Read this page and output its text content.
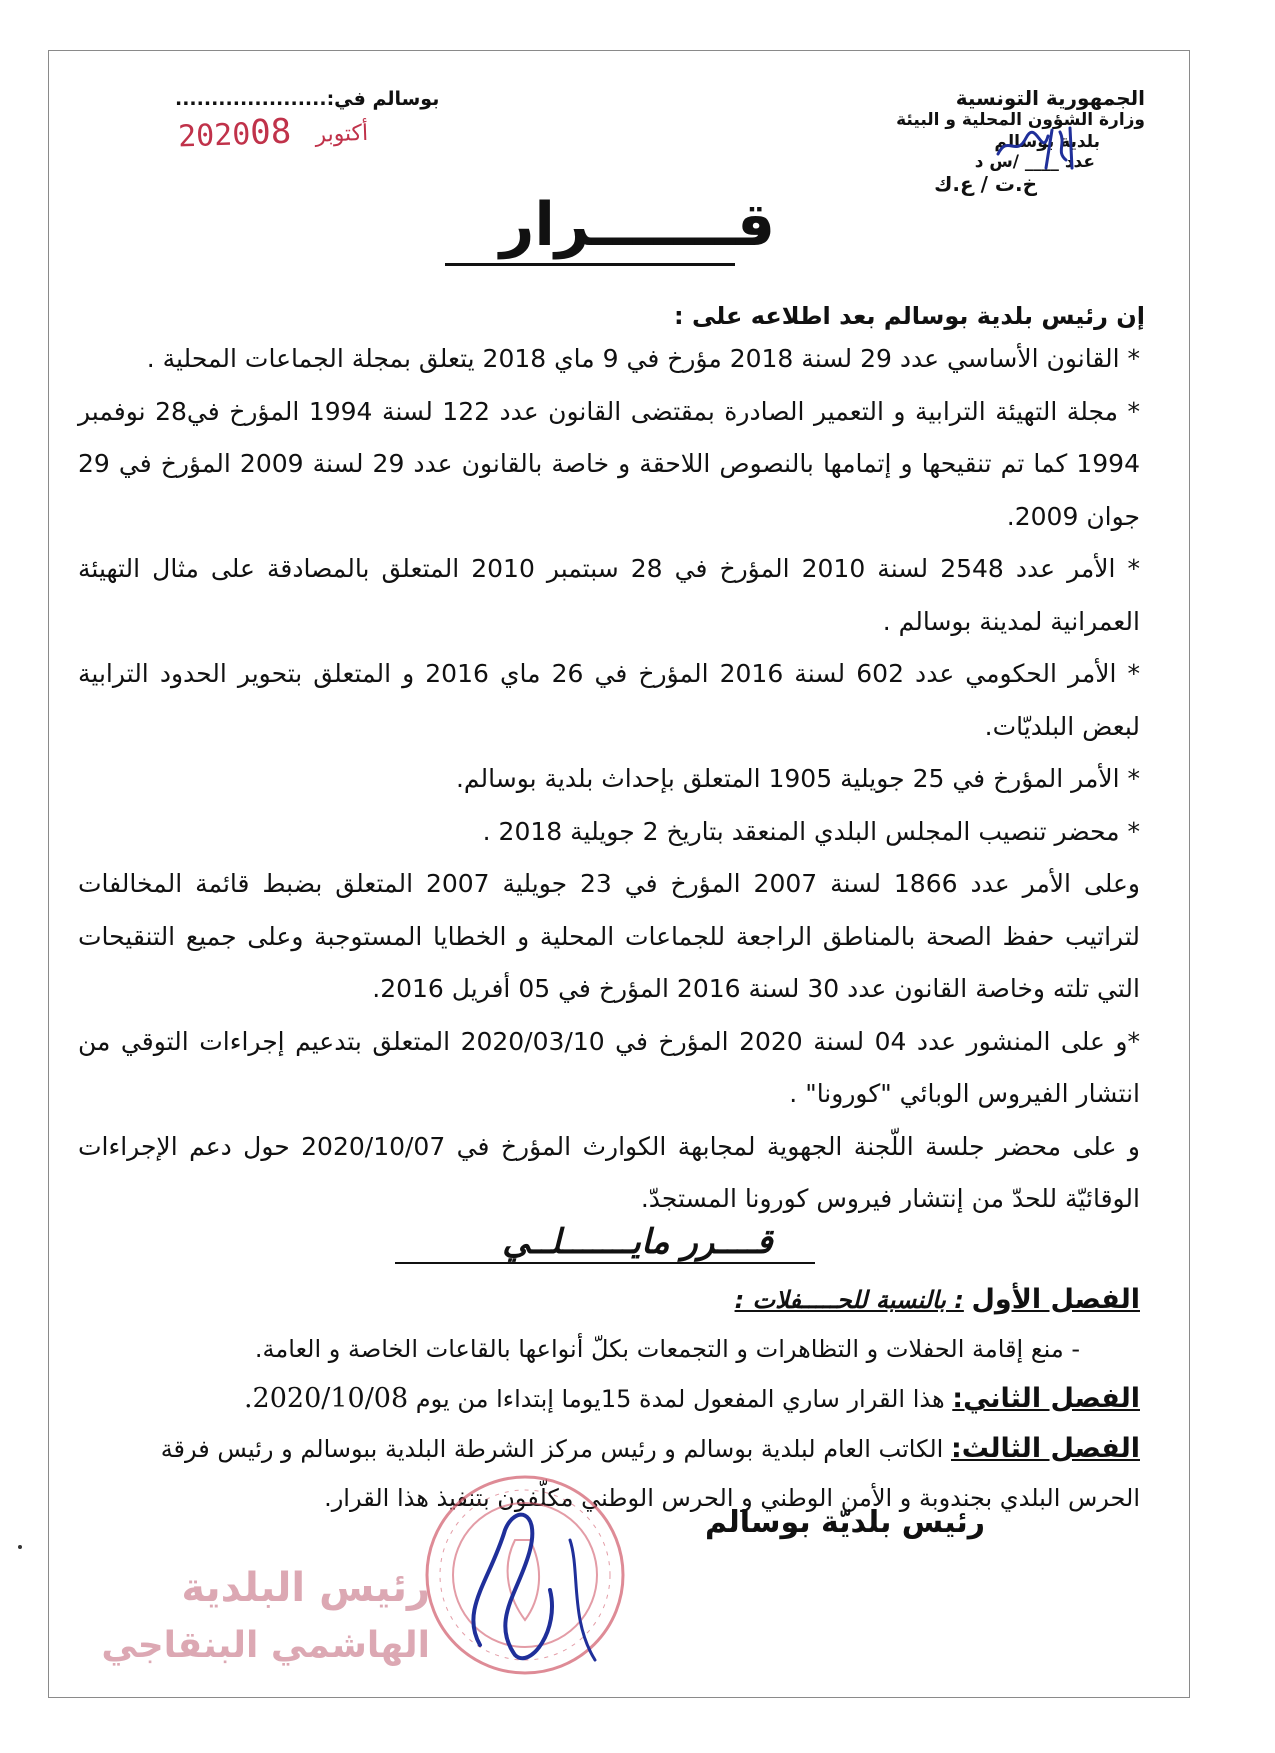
الجمهورية التونسية
وزارة الشؤون المحلية و البيئة
بلدية بوسالم
عدد ____ /س د
خ.ت / ع.ك
بوسالم في:.....................
2020	أكتوبر08
قـــــــرار
إن رئيس بلدية بوسالم بعد اطلاعه على :

* القانون الأساسي عدد 29 لسنة 2018 مؤرخ في 9 ماي 2018 يتعلق بمجلة الجماعات المحلية .

* مجلة التهيئة الترابية و التعمير الصادرة بمقتضى القانون عدد 122 لسنة 1994 المؤرخ في28 نوفمبر 1994 كما تم تنقيحها و إتمامها بالنصوص اللاحقة و خاصة بالقانون عدد 29 لسنة 2009 المؤرخ في 29 جوان 2009.

* الأمر عدد 2548 لسنة 2010 المؤرخ في 28 سبتمبر 2010 المتعلق بالمصادقة على مثال التهيئة العمرانية لمدينة بوسالم .

* الأمر الحكومي عدد 602 لسنة 2016 المؤرخ في 26 ماي 2016 و المتعلق بتحوير الحدود الترابية لبعض البلديّات.

* الأمر المؤرخ في 25 جويلية 1905 المتعلق بإحداث بلدية بوسالم.

* محضر تنصيب المجلس البلدي المنعقد بتاريخ 2 جويلية 2018 .

وعلى الأمر عدد 1866 لسنة 2007 المؤرخ في 23 جويلية 2007 المتعلق بضبط قائمة المخالفات لتراتيب حفظ الصحة بالمناطق الراجعة للجماعات المحلية و الخطايا المستوجبة وعلى جميع التنقيحات التي تلته وخاصة القانون عدد 30 لسنة 2016 المؤرخ في 05 أفريل 2016.

*و على المنشور عدد 04 لسنة 2020 المؤرخ في 2020/03/10 المتعلق بتدعيم إجراءات التوقي من انتشار الفيروس الوبائي "كورونا" .

و على محضر جلسة اللّجنة الجهوية لمجابهة الكوارث المؤرخ في 2020/10/07 حول دعم الإجراءات الوقائيّة للحدّ من إنتشار فيروس كورونا المستجدّ.

قــــرر مايـــــــلــي

الفصل الأول : بالنسبة للحـــــفلات :

- منع إقامة الحفلات و التظاهرات و التجمعات بكلّ أنواعها بالقاعات الخاصة و العامة.

الفصل الثاني: هذا القرار ساري المفعول لمدة 15يوما إبتداءا من يوم 2020/10/08.

الفصل الثالث: الكاتب العام لبلدية بوسالم و رئيس مركز الشرطة البلدية ببوسالم و رئيس فرقة الحرس البلدي بجندوبة و الأمن الوطني و الحرس الوطني مكلّفون بتنفيذ هذا القرار.

رئيس بلديّة بوسالم
رئيس البلدية
الهاشمي البنقاجي
